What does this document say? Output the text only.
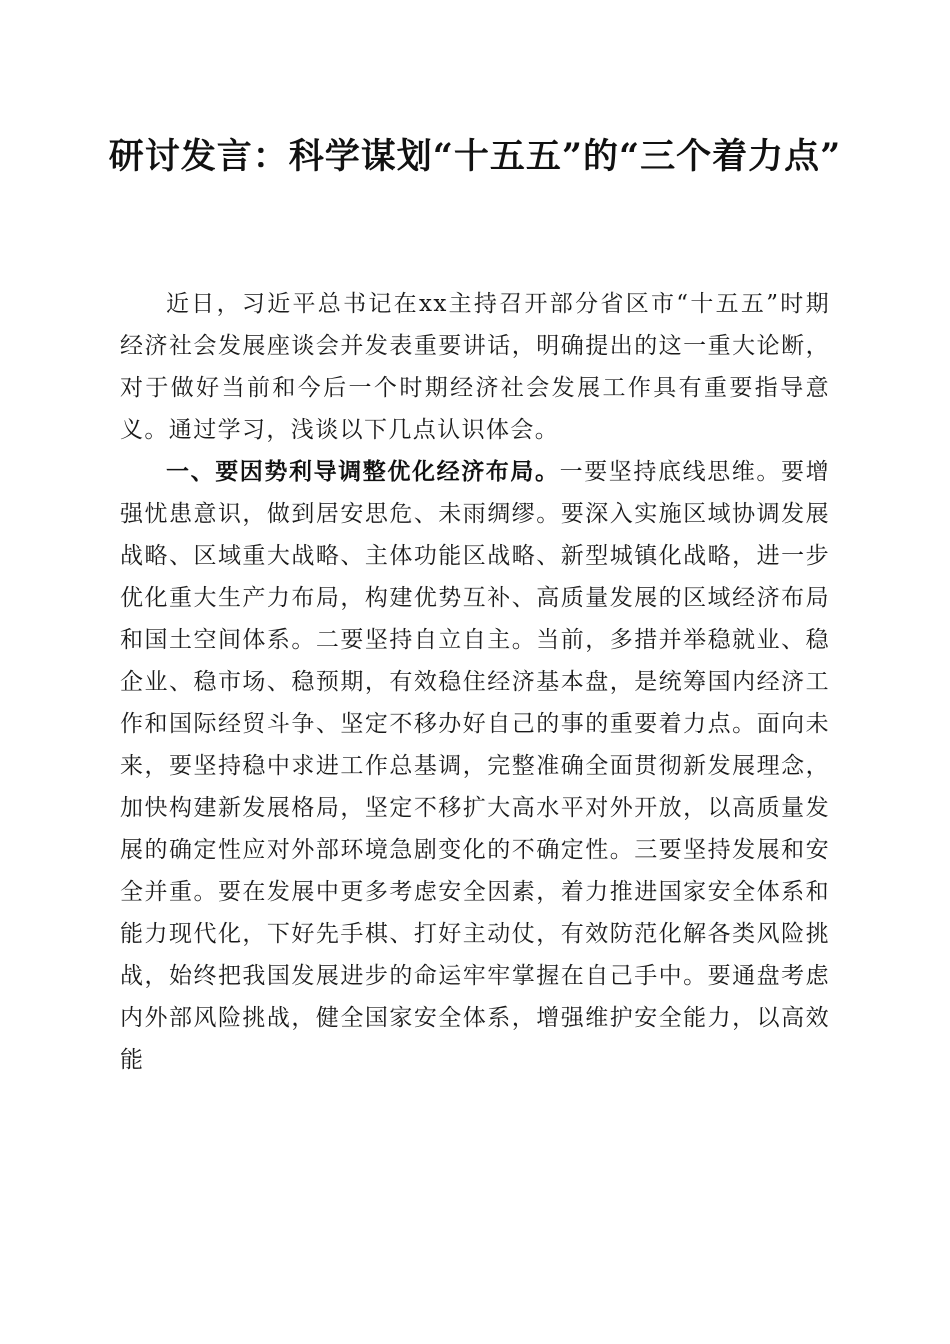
研讨发言：科学谋划“十五五”的“三个着力点”

近日，习近平总书记在xx主持召开部分省区市“十五五”时期经济社会发展座谈会并发表重要讲话，明确提出的这一重大论断，对于做好当前和今后一个时期经济社会发展工作具有重要指导意义。通过学习，浅谈以下几点认识体会。

一、要因势利导调整优化经济布局。一要坚持底线思维。要增强忧患意识，做到居安思危、未雨绸缪。要深入实施区域协调发展战略、区域重大战略、主体功能区战略、新型城镇化战略，进一步优化重大生产力布局，构建优势互补、高质量发展的区域经济布局和国土空间体系。二要坚持自立自主。当前，多措并举稳就业、稳企业、稳市场、稳预期，有效稳住经济基本盘，是统筹国内经济工作和国际经贸斗争、坚定不移办好自己的事的重要着力点。面向未来，要坚持稳中求进工作总基调，完整准确全面贯彻新发展理念，加快构建新发展格局，坚定不移扩大高水平对外开放，以高质量发展的确定性应对外部环境急剧变化的不确定性。三要坚持发展和安全并重。要在发展中更多考虑安全因素，着力推进国家安全体系和能力现代化，下好先手棋、打好主动仗，有效防范化解各类风险挑战，始终把我国发展进步的命运牢牢掌握在自己手中。要通盘考虑内外部风险挑战，健全国家安全体系，增强维护安全能力，以高效能
